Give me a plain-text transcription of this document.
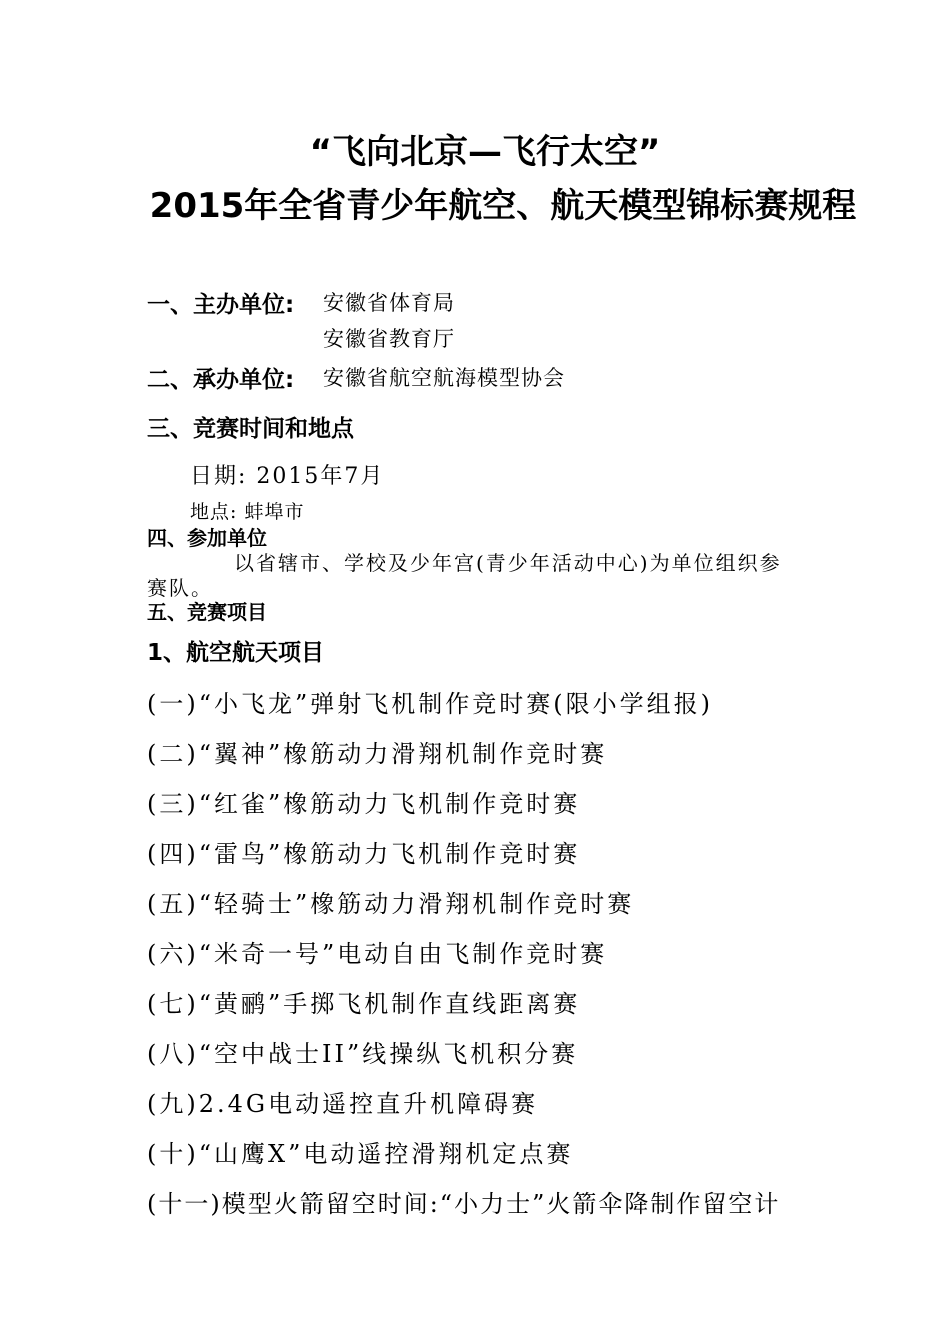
“飞向北京—飞行太空”
2015年全省青少年航空、航天模型锦标赛规程
一、主办单位: 安徽省体育局
安徽省教育厅
二、承办单位: 安徽省航空航海模型协会
三、竞赛时间和地点
日期: 2015年7月
地点: 蚌埠市
四、参加单位
以省辖市、学校及少年宫(青少年活动中心)为单位组织参
赛队。
五、竞赛项目
1、航空航天项目
(一)“小飞龙”弹射飞机制作竞时赛(限小学组报)
(二)“翼神”橡筋动力滑翔机制作竞时赛
(三)“红雀”橡筋动力飞机制作竞时赛
(四)“雷鸟”橡筋动力飞机制作竞时赛
(五)“轻骑士”橡筋动力滑翔机制作竞时赛
(六)“米奇一号”电动自由飞制作竞时赛
(七)“黄鹂”手掷飞机制作直线距离赛
(八)“空中战士II”线操纵飞机积分赛
(九)2.4G电动遥控直升机障碍赛
(十)“山鹰X”电动遥控滑翔机定点赛
(十一)模型火箭留空时间:“小力士”火箭伞降制作留空计
